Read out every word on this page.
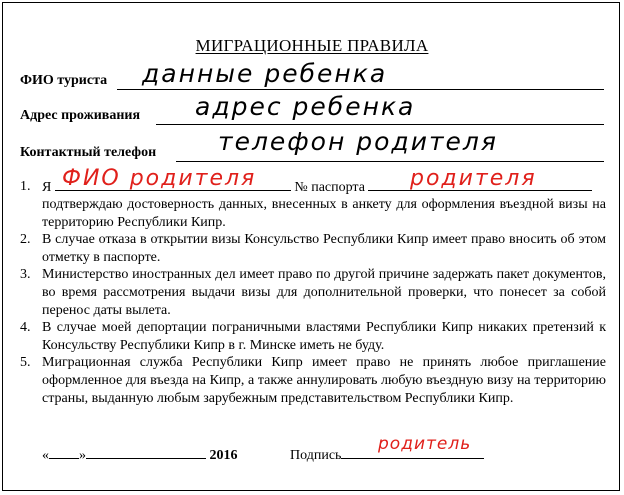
МИГРАЦИОННЫЕ ПРАВИЛА
ФИО туриста данные ребенка
Адрес проживания адрес ребенка
Контактный телефон телефон родителя
1. Я	№ паспорта
подтверждаю достоверность данных, внесенных в анкету для оформления въездной визы на территорию Республики Кипр.
2. В случае отказа в открытии визы Консульство Республики Кипр имеет право вносить об этом отметку в паспорте.
3. Министерство иностранных дел имеет право по другой причине задержать пакет документов, во время рассмотрения выдачи визы для дополнительной проверки, что понесет за собой перенос даты вылета.
4. В случае моей депортации пограничными властями Республики Кипр никаких претензий к Консульству Республики Кипр в г. Минске иметь не буду.
5. Миграционная служба Республики Кипр имеет право не принять любое приглашение оформленное для въезда на Кипр, а также аннулировать любую въездную визу на территорию страны, выданную любым зарубежным представительством Республики Кипр.
ФИО родителя	родителя
« »	2016	Подпись
родитель
